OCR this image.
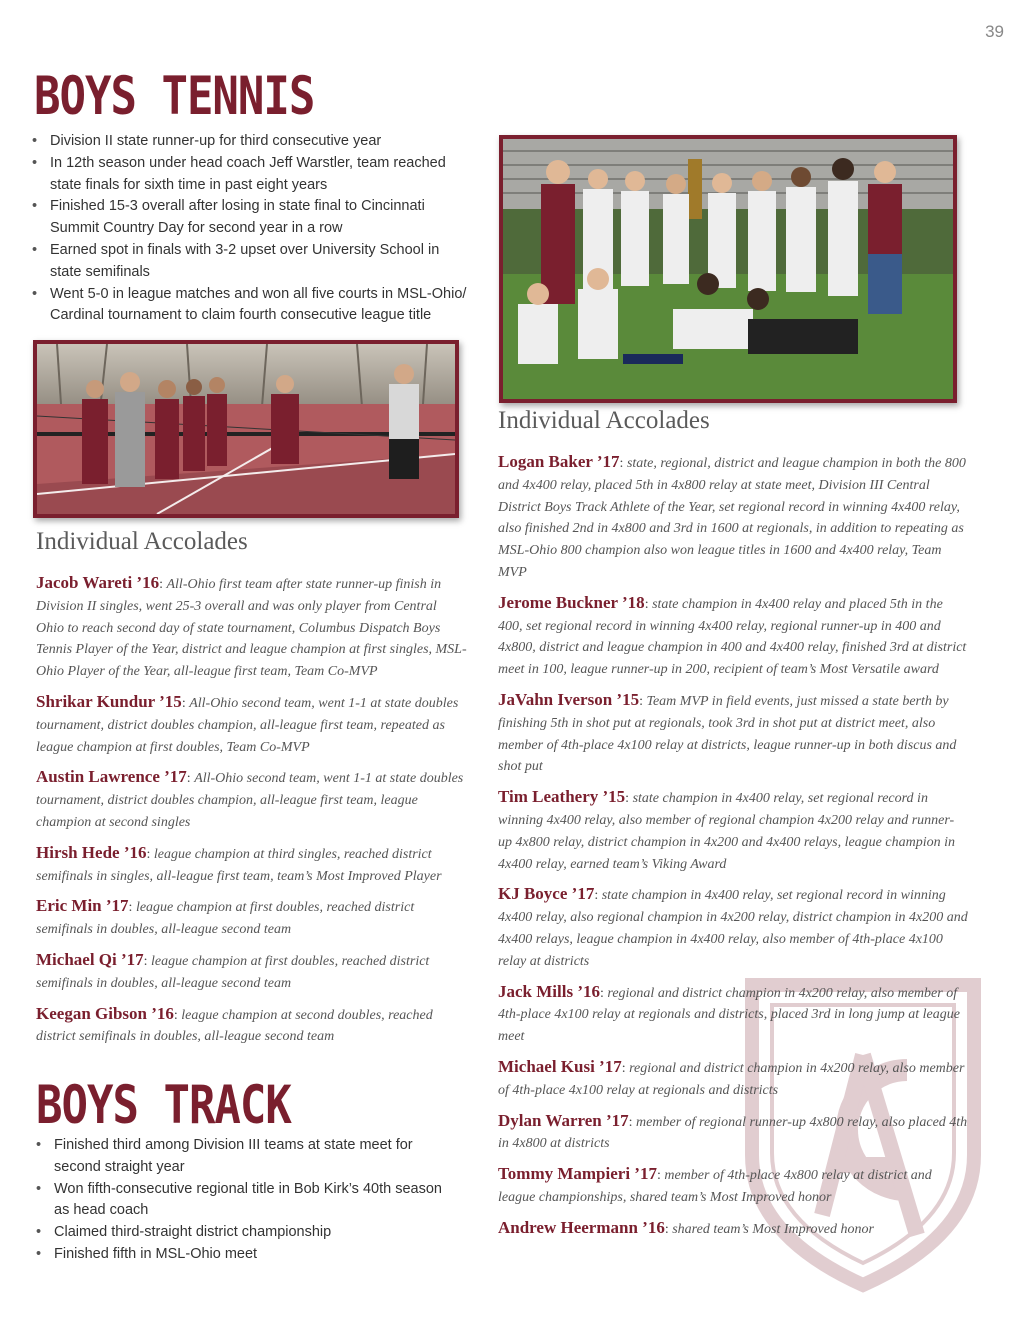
39
BOYS TENNIS
• Division II state runner-up for third consecutive year
• In 12th season under head coach Jeff Warstler, team reached state finals for sixth time in past eight years
• Finished 15-3 overall after losing in state final to Cincinnati Summit Country Day for second year in a row
• Earned spot in finals with 3-2 upset over University School in state semifinals
• Went 5-0 in league matches and won all five courts in MSL-Ohio/ Cardinal tournament to claim fourth consecutive league title
Individual Accolades
Jacob Wareti ’16: All-Ohio first team after state runner-up finish in Division II singles, went 25-3 overall and was only player from Central Ohio to reach second day of state tournament, Columbus Dispatch Boys Tennis Player of the Year, district and league champion at first singles, MSL-Ohio Player of the Year, all-league first team, Team Co-MVP
Shrikar Kundur ’15: All-Ohio second team, went 1-1 at state doubles tournament, district doubles champion, all-league first team, repeated as league champion at first doubles, Team Co-MVP
Austin Lawrence ’17: All-Ohio second team, went 1-1 at state doubles tournament, district doubles champion, all-league first team, league champion at second singles
Hirsh Hede ’16: league champion at third singles, reached district semifinals in singles, all-league first team, team’s Most Improved Player
Eric Min ’17: league champion at first doubles, reached district semifinals in doubles, all-league second team
Michael Qi ’17: league champion at first doubles, reached district semifinals in doubles, all-league second team
Keegan Gibson ’16: league champion at second doubles, reached district semifinals in doubles, all-league second team
BOYS TRACK
• Finished third among Division III teams at state meet for second straight year
• Won fifth-consecutive regional title in Bob Kirk’s 40th season as head coach
• Claimed third-straight district championship
• Finished fifth in MSL-Ohio meet
Individual Accolades
Logan Baker ’17: state, regional, district and league champion in both the 800 and 4x400 relay, placed 5th in 4x800 relay at state meet, Division III Central District Boys Track Athlete of the Year, set regional record in winning 4x400 relay, also finished 2nd in 4x800 and 3rd in 1600 at regionals, in addition to repeating as MSL-Ohio 800 champion also won league titles in 1600 and 4x400 relay, Team MVP
Jerome Buckner ’18: state champion in 4x400 relay and placed 5th in the 400, set regional record in winning 4x400 relay, regional runner-up in 400 and 4x800, district and league champion in 400 and 4x400 relay, finished 3rd at district meet in 100, league runner-up in 200, recipient of team’s Most Versatile award
JaVahn Iverson ’15: Team MVP in field events, just missed a state berth by finishing 5th in shot put at regionals, took 3rd in shot put at district meet, also member of 4th-place 4x100 relay at districts, league runner-up in both discus and shot put
Tim Leathery ’15: state champion in 4x400 relay, set regional record in winning 4x400 relay, also member of regional champion 4x200 relay and runner-up 4x800 relay, district champion in 4x200 and 4x400 relays, league champion in 4x400 relay, earned team’s Viking Award
KJ Boyce ’17: state champion in 4x400 relay, set regional record in winning 4x400 relay, also regional champion in 4x200 relay, district champion in 4x200 and 4x400 relays, league champion in 4x400 relay, also member of 4th-place 4x100 relay at districts
Jack Mills ’16: regional and district champion in 4x200 relay, also member of 4th-place 4x100 relay at regionals and districts, placed 3rd in long jump at league meet
Michael Kusi ’17: regional and district champion in 4x200 relay, also member of 4th-place 4x100 relay at regionals and districts
Dylan Warren ’17: member of regional runner-up 4x800 relay, also placed 4th in 4x800 at districts
Tommy Mampieri ’17: member of 4th-place 4x800 relay at district and league championships, shared team’s Most Improved honor
Andrew Heermann ’16: shared team’s Most Improved honor
